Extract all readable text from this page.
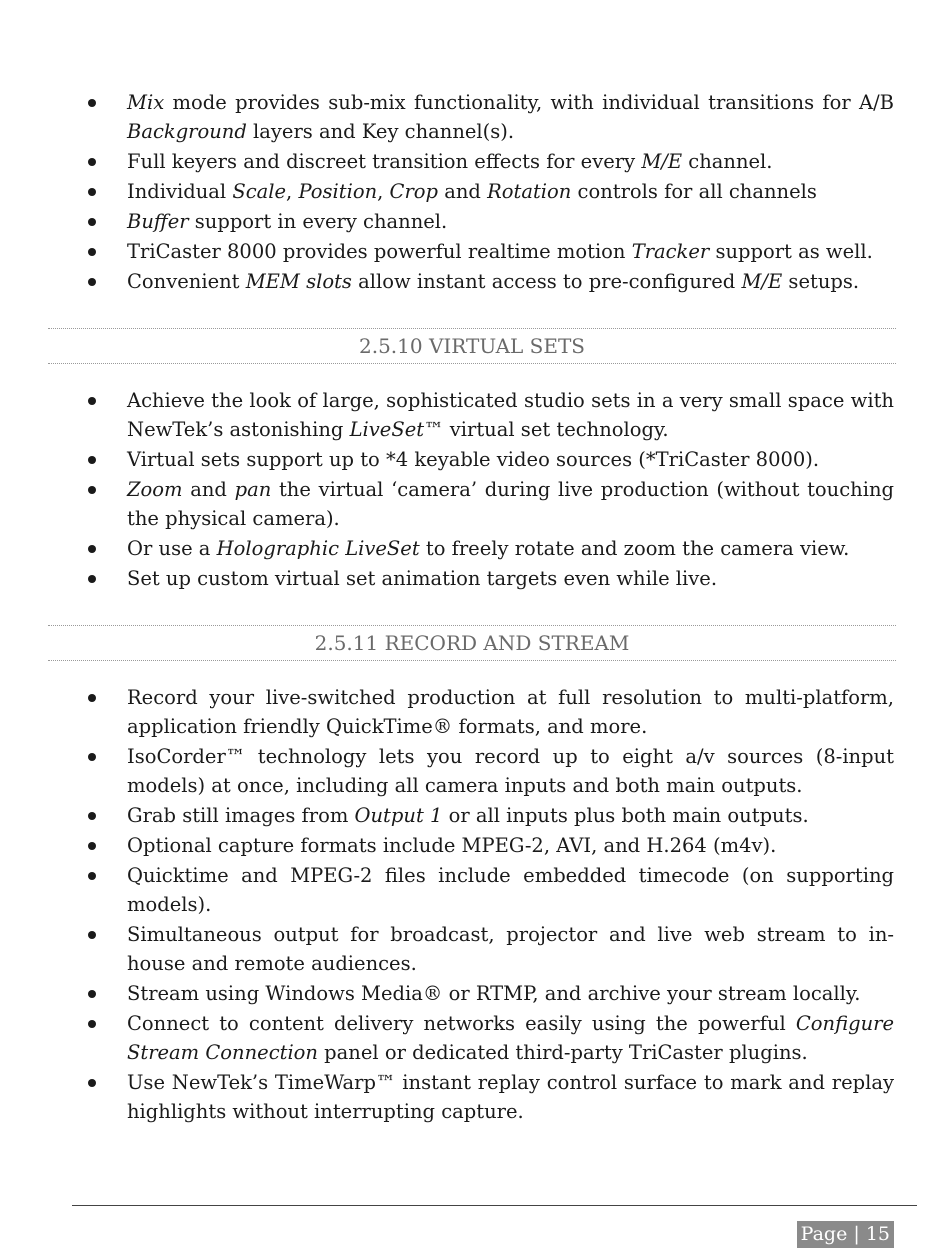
Mix mode provides sub-mix functionality, with individual transitions for A/B Background layers and Key channel(s).
Full keyers and discreet transition effects for every M/E channel.
Individual Scale, Position, Crop and Rotation controls for all channels
Buffer support in every channel.
TriCaster 8000 provides powerful realtime motion Tracker support as well.
Convenient MEM slots allow instant access to pre-configured M/E setups.
2.5.10 VIRTUAL SETS
Achieve the look of large, sophisticated studio sets in a very small space with NewTek’s astonishing LiveSet™ virtual set technology.
Virtual sets support up to *4 keyable video sources (*TriCaster 8000).
Zoom and pan the virtual ‘camera’ during live production (without touching the physical camera).
Or use a Holographic LiveSet to freely rotate and zoom the camera view.
Set up custom virtual set animation targets even while live.
2.5.11 RECORD AND STREAM
Record your live-switched production at full resolution to multi-platform, application friendly QuickTime® formats, and more.
IsoCorder™ technology lets you record up to eight a/v sources (8-input models) at once, including all camera inputs and both main outputs.
Grab still images from Output 1 or all inputs plus both main outputs.
Optional capture formats include MPEG-2, AVI, and H.264 (m4v).
Quicktime and MPEG-2 files include embedded timecode (on supporting models).
Simultaneous output for broadcast, projector and live web stream to in-house and remote audiences.
Stream using Windows Media® or RTMP, and archive your stream locally.
Connect to content delivery networks easily using the powerful Configure Stream Connection panel or dedicated third-party TriCaster plugins.
Use NewTek’s TimeWarp™ instant replay control surface to mark and replay highlights without interrupting capture.
Page | 15
